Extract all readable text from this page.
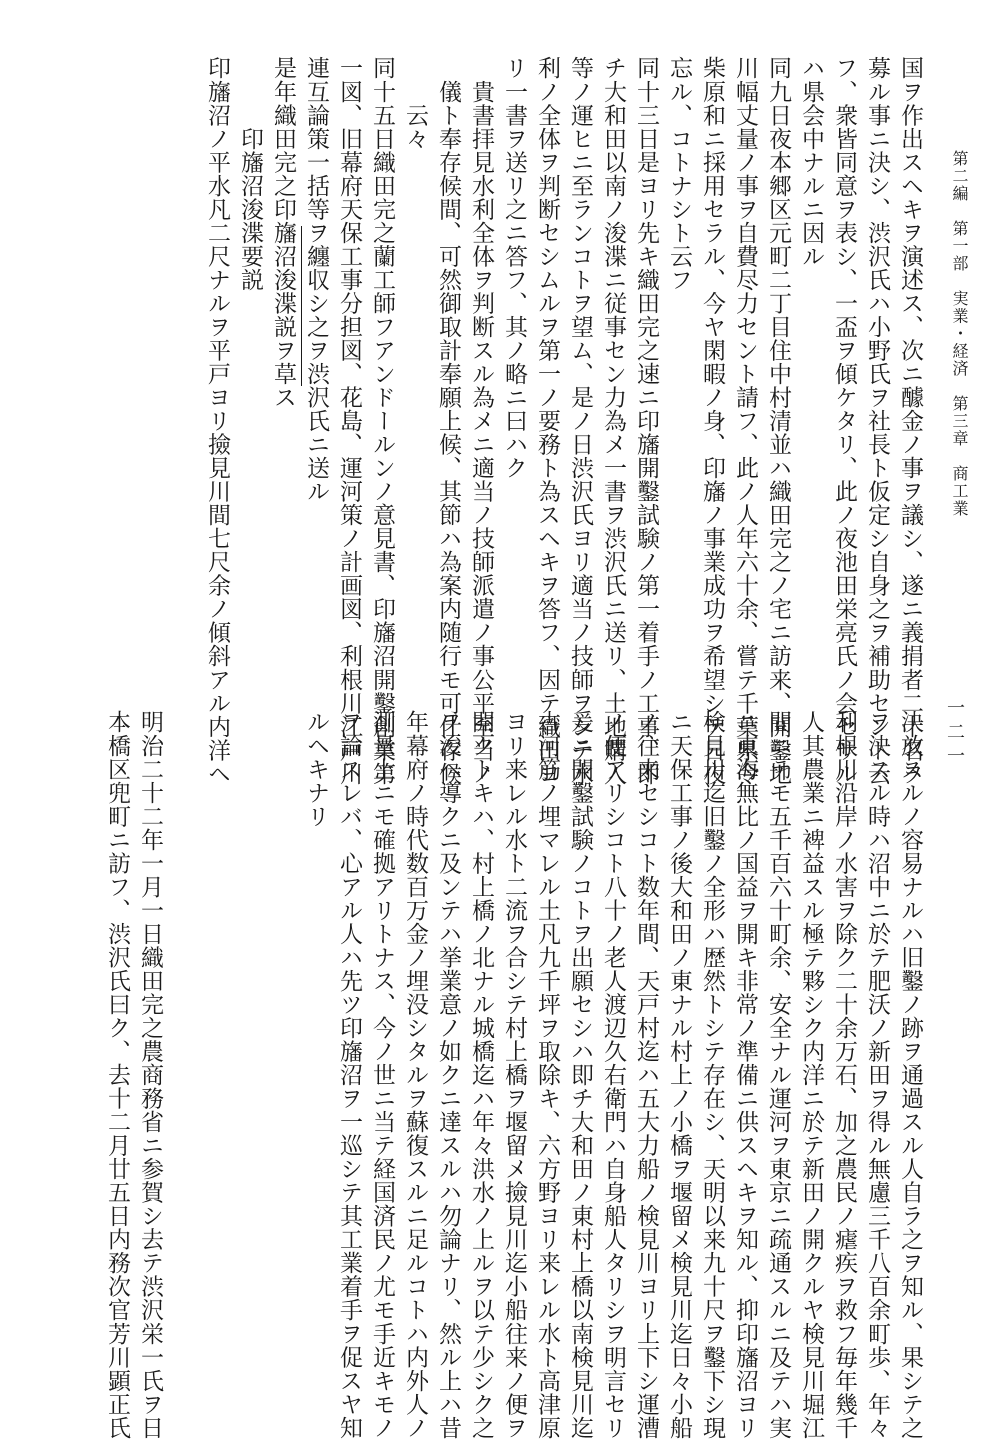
第二編　第一部　実業・経済　第三章　商工業
一二一
国ヲ作出スヘキヲ演述ス、次ニ醵金ノ事ヲ議シ、遂ニ義捐者二十名ヲ
募ル事ニ決シ、渋沢氏ハ小野氏ヲ社長ト仮定シ自身之ヲ補助セント云
フ、衆皆同意ヲ表シ、一盃ヲ傾ケタリ、此ノ夜池田栄亮氏ノ会セサル
ハ県会中ナルニ因ル
同九日夜本郷区元町二丁目住中村清並ハ織田完之ノ宅ニ訪来、開鑿地
川幅丈量ノ事ヲ自費尽力セント請フ、此ノ人年六十余、嘗テ千葉県令
柴原和ニ採用セラル、今ヤ閑暇ノ身、印旛ノ事業成功ヲ希望シテ日夜
忘ル、コトナシト云フ
同十三日是ヨリ先キ織田完之速ニ印旛開鑿試験ノ第一着手ノ工事、即
チ大和田以南ノ浚渫ニ従事セン力為メ一書ヲ渋沢氏ニ送リ、土地購入
等ノ運ヒニ至ランコトヲ望ム、是ノ日渋沢氏ヨリ適当ノ技師ヲシテ水
利ノ全体ヲ判断セシムルヲ第一ノ要務ト為スヘキヲ答フ、因テ織田ヨ
リ一書ヲ送リ之ニ答フ、其ノ略ニ曰ハク
　貴書拝見水利全体ヲ判断スル為メニ適当ノ技師派遣ノ事公平至当ノ
　儀ト奉存候間、可然御取計奉願上候、其節ハ為案内随行モ可仕存候
　　云々
同十五日織田完之蘭工師フアンドールンノ意見書、印旛沼開鑿創業第
一図、旧幕府天保工事分担図、花島、運河策ノ計画図、利根川江戸川
連互論策一括等ヲ纏収シ之ヲ渋沢氏ニ送ル
是年織田完之印旛沼浚渫説ヲ草ス
　　　印旛沼浚渫要説
印旛沼ノ平水凡二尺ナルヲ平戸ヨリ撿見川間七尺余ノ傾斜アル内洋ヘ
決放スルノ容易ナルハ旧鑿ノ跡ヲ通過スル人自ラ之ヲ知ル、果シテ之
ヲ決スル時ハ沼中ニ於テ肥沃ノ新田ヲ得ル無慮三千八百余町歩、年々
利根川沿岸ノ水害ヲ除ク二十余万石、加之農民ノ瘧疾ヲ救フ毎年幾千
人其農業ニ裨益スル極テ夥シク内洋ニ於テ新田ノ開クルヤ検見川堀江
間ニテモ五千百六十町余、安全ナル運河ヲ東京ニ疏通スルニ及テハ実
ニ東海無比ノ国益ヲ開キ非常ノ準備ニ供スヘキヲ知ル、抑印旛沼ヨリ
検見川迄旧鑿ノ全形ハ歴然トシテ存在シ、天明以来九十尺ヲ鑿下シ現
ニ天保工事ノ後大和田ノ東ナル村上ノ小橋ヲ堰留メ検見川迄日々小船
ノ往来セシコト数年間、天戸村迄ハ五大力船ノ検見川ヨリ上下シ運漕
ノ便アリシコト八十ノ老人渡辺久右衛門ハ自身船人タリシヲ明言セリ
爰ニ開鑿試験ノコトヲ出願セシハ即チ大和田ノ東村上橋以南検見川迄
古河筋ノ埋マレル土凡九千坪ヲ取除キ、六方野ヨリ来レル水ト高津原
ヨリ来レル水ト二流ヲ合シテ村上橋ヲ堰留メ撿見川迄小船往来ノ便ヲ
開クトキハ、村上橋ノ北ナル城橋迄ハ年々洪水ノ上ルヲ以テ少シク之
ヲ浚ヘ導クニ及ンテハ挙業意ノ如クニ達スルハ勿論ナリ、然ル上ハ昔
年幕府ノ時代数百万金ノ埋没シタルヲ蘇復スルニ足ルコトハ内外人ノ
測量上ニモ確拠アリトナス、今ノ世ニ当テ経国済民ノ尤モ手近キモノ
ヲ論スレバ、心アル人ハ先ツ印旛沼ヲ一巡シテ其工業着手ヲ促スヤ知
ルヘキナリ
明治二十二年一月一日織田完之農商務省ニ参賀シ去テ渋沢栄一氏ヲ日
本橋区兜町ニ訪フ、渋沢氏曰ク、去十二月廿五日内務次官芳川顕正氏
